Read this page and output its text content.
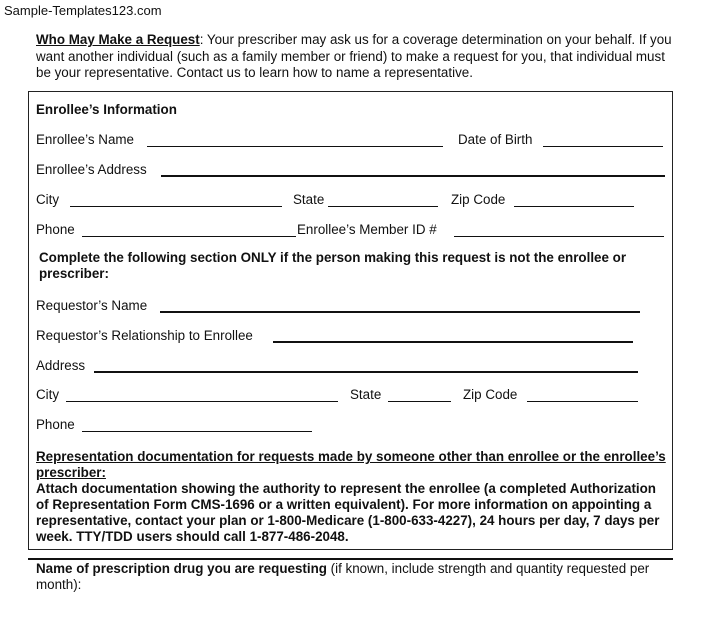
Sample-Templates123.com
Who May Make a Request: Your prescriber may ask us for a coverage determination on your behalf. If you want another individual (such as a family member or friend) to make a request for you, that individual must be your representative. Contact us to learn how to name a representative.
Enrollee’s Information
Enrollee’s Name	Date of Birth
Enrollee’s Address
City	State	Zip Code
Phone	Enrollee’s Member ID #
Complete the following section ONLY if the person making this request is not the enrollee or prescriber:
Requestor’s Name
Requestor’s Relationship to Enrollee
Address
City	State	Zip Code
Phone
Representation documentation for requests made by someone other than enrollee or the enrollee’s prescriber:
Attach documentation showing the authority to represent the enrollee (a completed Authorization of Representation Form CMS-1696 or a written equivalent). For more information on appointing a representative, contact your plan or 1-800-Medicare (1-800-633-4227), 24 hours per day, 7 days per week. TTY/TDD users should call 1-877-486-2048.
Name of prescription drug you are requesting (if known, include strength and quantity requested per month):
